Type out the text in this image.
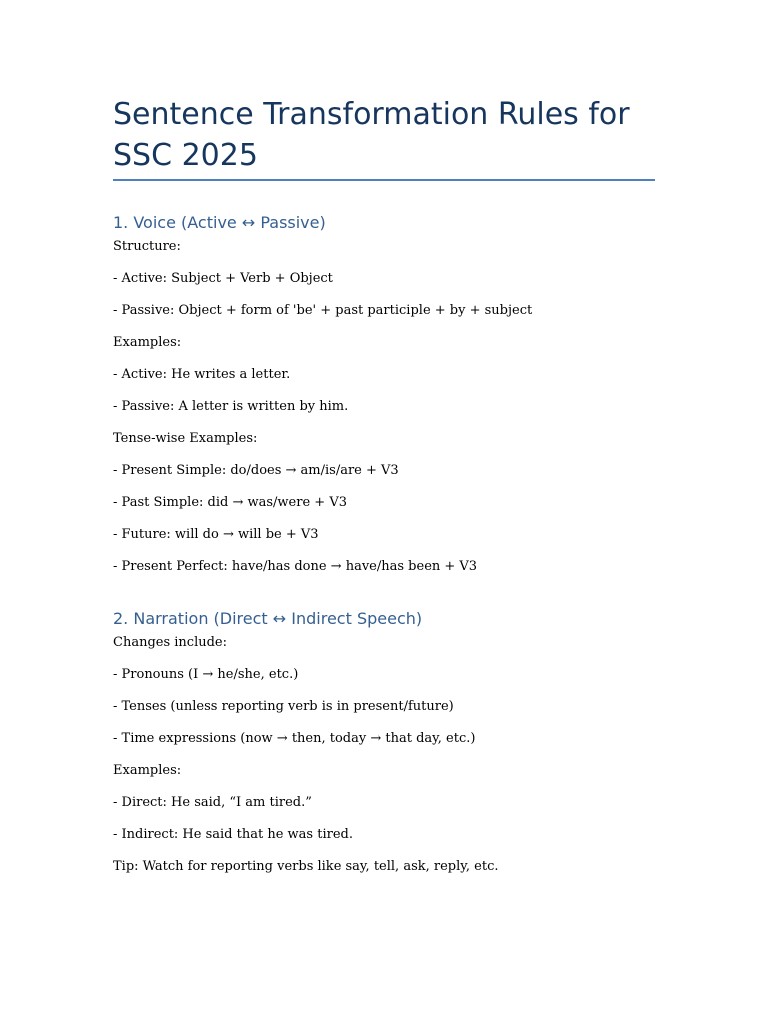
Sentence Transformation Rules for SSC 2025
1. Voice (Active ↔ Passive)

Structure:

- Active: Subject + Verb + Object

- Passive: Object + form of 'be' + past participle + by + subject

Examples:

- Active: He writes a letter.

- Passive: A letter is written by him.

Tense-wise Examples:

- Present Simple: do/does → am/is/are + V3

- Past Simple: did → was/were + V3

- Future: will do → will be + V3

- Present Perfect: have/has done → have/has been + V3

2. Narration (Direct ↔ Indirect Speech)

Changes include:

- Pronouns (I → he/she, etc.)

- Tenses (unless reporting verb is in present/future)

- Time expressions (now → then, today → that day, etc.)

Examples:

- Direct: He said, “I am tired.”

- Indirect: He said that he was tired.

Tip: Watch for reporting verbs like say, tell, ask, reply, etc.
